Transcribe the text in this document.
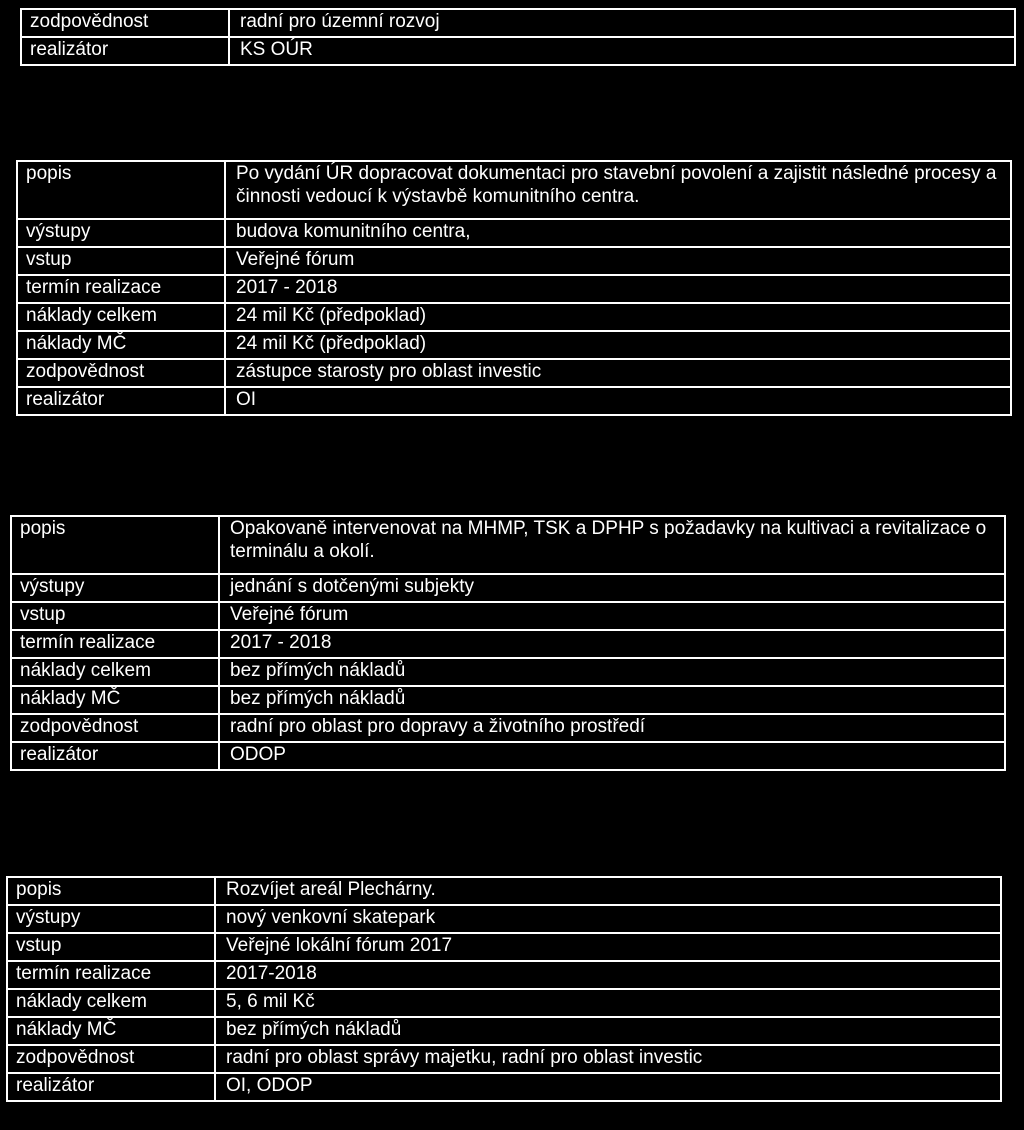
zodpovědnost	radní pro územní rozvoj
realizátor	KS OÚR
popis	Po vydání ÚR dopracovat dokumentaci pro stavební povolení a zajistit následné procesy a činnosti vedoucí k výstavbě komunitního centra.
výstupy	budova komunitního centra,
vstup	Veřejné fórum
termín realizace	2017 - 2018
náklady celkem	24 mil Kč (předpoklad)
náklady MČ	24 mil Kč (předpoklad)
zodpovědnost	zástupce starosty pro oblast investic
realizátor	OI
popis	Opakovaně intervenovat na MHMP, TSK a DPHP s požadavky na kultivaci a revitalizace o terminálu a okolí.
výstupy	jednání s dotčenými subjekty
vstup	Veřejné fórum
termín realizace	2017 - 2018
náklady celkem	bez přímých nákladů
náklady MČ	bez přímých nákladů
zodpovědnost	radní pro oblast pro dopravy a životního prostředí
realizátor	ODOP
popis	Rozvíjet areál Plechárny.
výstupy	nový venkovní skatepark
vstup	Veřejné lokální fórum 2017
termín realizace	2017-2018
náklady celkem	5, 6 mil Kč
náklady MČ	bez přímých nákladů
zodpovědnost	radní pro oblast správy majetku, radní pro oblast investic
realizátor	OI, ODOP
